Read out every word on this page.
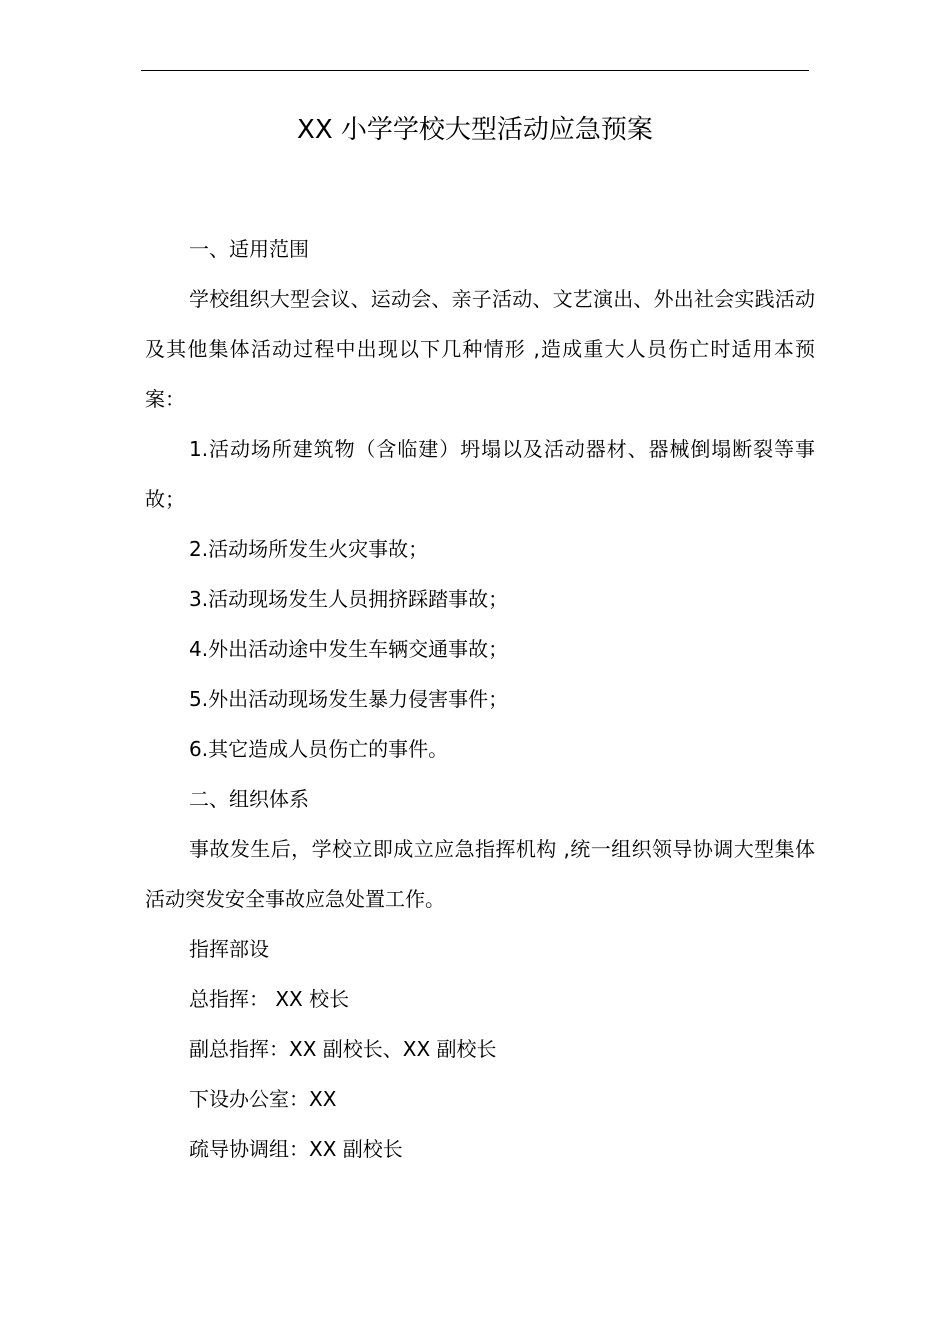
XX 小学学校大型活动应急预案

一、适用范围

学校组织大型会议、运动会、亲子活动、文艺演出、外出社会实践活动及其他集体活动过程中出现以下几种情形 ,造成重大人员伤亡时适用本预案：

1.活动场所建筑物（含临建）坍塌以及活动器材、器械倒塌断裂等事故；

2.活动场所发生火灾事故；

3.活动现场发生人员拥挤踩踏事故；

4.外出活动途中发生车辆交通事故；

5.外出活动现场发生暴力侵害事件；

6.其它造成人员伤亡的事件。

二、组织体系

事故发生后，学校立即成立应急指挥机构 ,统一组织领导协调大型集体活动突发安全事故应急处置工作。

指挥部设

总指挥： XX 校长

副总指挥：XX 副校长、XX 副校长

下设办公室：XX

疏导协调组：XX 副校长
